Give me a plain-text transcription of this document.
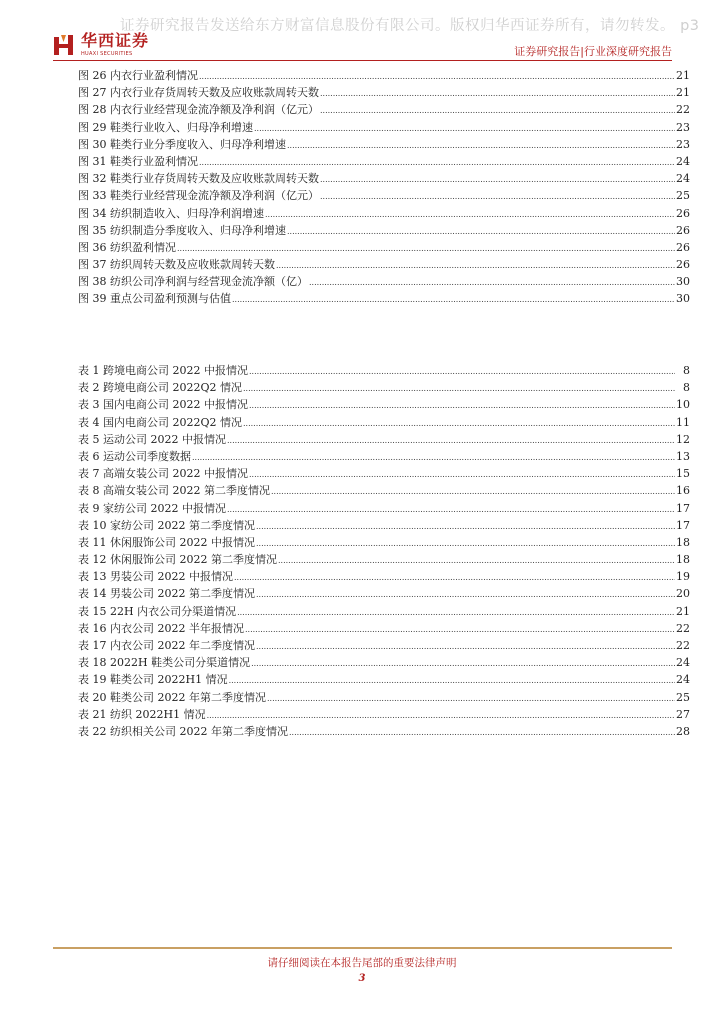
证券研究报告发送给东方财富信息股份有限公司。版权归华西证券所有，请勿转发。 p3
华西证券
HUAXI SECURITIES	证券研究报告|行业深度研究报告
图 26 内衣行业盈利情况 .....	21
图 27 内衣行业存货周转天数及应收账款周转天数 .....	21
图 28 内衣行业经营现金流净额及净利润（亿元） .....	22
图 29 鞋类行业收入、归母净利增速 .....	23
图 30 鞋类行业分季度收入、归母净利增速 .....	23
图 31 鞋类行业盈利情况 .....	24
图 32 鞋类行业存货周转天数及应收账款周转天数 .....	24
图 33 鞋类行业经营现金流净额及净利润（亿元） .....	25
图 34 纺织制造收入、归母净利润增速 .....	26
图 35 纺织制造分季度收入、归母净利增速 .....	26
图 36 纺织盈利情况 .....	26
图 37 纺织周转天数及应收账款周转天数 .....	26
图 38 纺织公司净利润与经营现金流净额（亿） .....	30
图 39 重点公司盈利预测与估值 .....	30
表 1 跨境电商公司 2022 中报情况 .....	8
表 2 跨境电商公司 2022Q2 情况 .....	8
表 3 国内电商公司 2022 中报情况 .....	10
表 4 国内电商公司 2022Q2 情况 .....	11
表 5 运动公司 2022 中报情况 .....	12
表 6 运动公司季度数据 .....	13
表 7 高端女装公司 2022 中报情况 .....	15
表 8 高端女装公司 2022 第二季度情况 .....	16
表 9 家纺公司 2022 中报情况 .....	17
表 10 家纺公司 2022 第二季度情况 .....	17
表 11 休闲服饰公司 2022 中报情况 .....	18
表 12 休闲服饰公司 2022 第二季度情况 .....	18
表 13 男装公司 2022 中报情况 .....	19
表 14 男装公司 2022 第二季度情况 .....	20
表 15 22H 内衣公司分渠道情况 .....	21
表 16 内衣公司 2022 半年报情况 .....	22
表 17 内衣公司 2022 年二季度情况 .....	22
表 18 2022H 鞋类公司分渠道情况 .....	24
表 19 鞋类公司 2022H1 情况 .....	24
表 20 鞋类公司 2022 年第二季度情况 .....	25
表 21 纺织 2022H1 情况 .....	27
表 22 纺织相关公司 2022 年第二季度情况 .....	28
请仔细阅读在本报告尾部的重要法律声明
3
